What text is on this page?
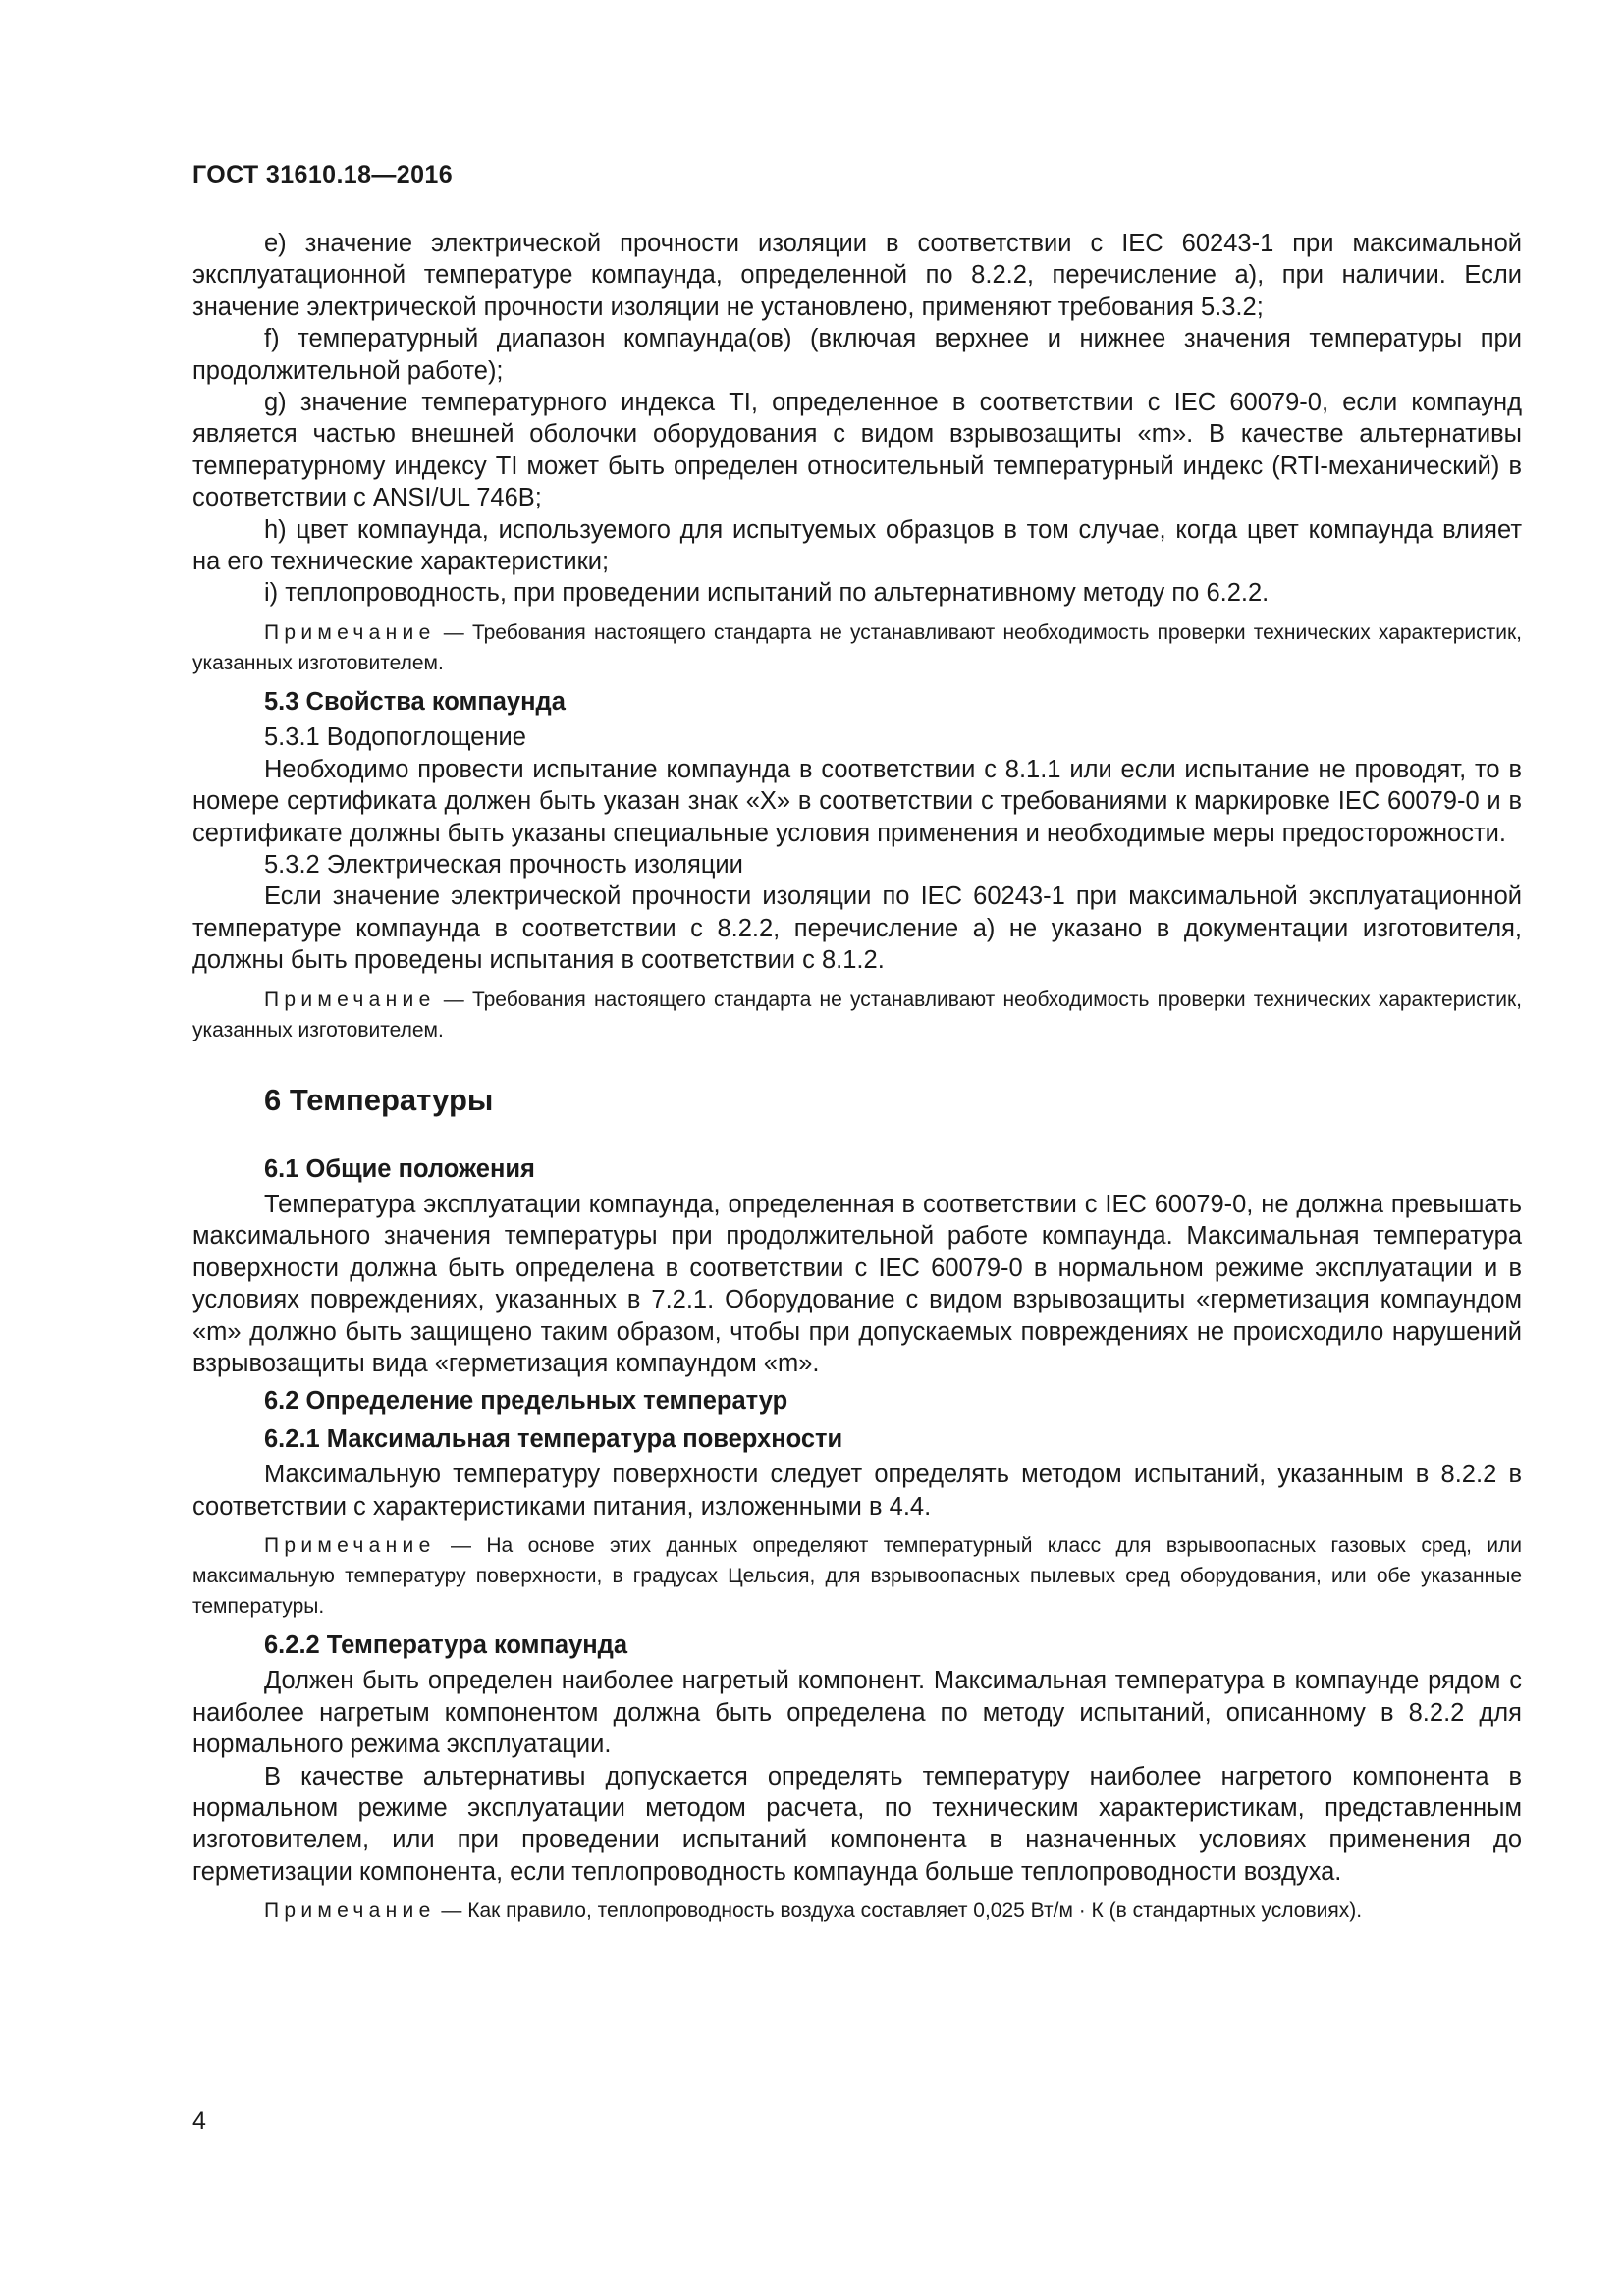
ГОСТ 31610.18—2016

e) значение электрической прочности изоляции в соответствии с IEC 60243-1 при максимальной эксплуатационной температуре компаунда, определенной по 8.2.2, перечисление а), при наличии. Если значение электрической прочности изоляции не установлено, применяют требования 5.3.2;

f) температурный диапазон компаунда(ов) (включая верхнее и нижнее значения температуры при продолжительной работе);

g) значение температурного индекса TI, определенное в соответствии с IEC 60079-0, если компаунд является частью внешней оболочки оборудования с видом взрывозащиты «m». В качестве альтернативы температурному индексу TI может быть определен относительный температурный индекс (RTI-механический) в соответствии с ANSI/UL 746B;

h) цвет компаунда, используемого для испытуемых образцов в том случае, когда цвет компаунда влияет на его технические характеристики;

i) теплопроводность, при проведении испытаний по альтернативному методу по 6.2.2.

Примечание — Требования настоящего стандарта не устанавливают необходимость проверки технических характеристик, указанных изготовителем.

5.3 Свойства компаунда

5.3.1 Водопоглощение

Необходимо провести испытание компаунда в соответствии с 8.1.1 или если испытание не проводят, то в номере сертификата должен быть указан знак «X» в соответствии с требованиями к маркировке IEC 60079-0 и в сертификате должны быть указаны специальные условия применения и необходимые меры предосторожности.

5.3.2 Электрическая прочность изоляции

Если значение электрической прочности изоляции по IEC 60243-1 при максимальной эксплуатационной температуре компаунда в соответствии с 8.2.2, перечисление а) не указано в документации изготовителя, должны быть проведены испытания в соответствии с 8.1.2.

Примечание — Требования настоящего стандарта не устанавливают необходимость проверки технических характеристик, указанных изготовителем.

6 Температуры

6.1 Общие положения

Температура эксплуатации компаунда, определенная в соответствии с IEC 60079-0, не должна превышать максимального значения температуры при продолжительной работе компаунда. Максимальная температура поверхности должна быть определена в соответствии с IEC 60079-0 в нормальном режиме эксплуатации и в условиях повреждениях, указанных в 7.2.1. Оборудование с видом взрывозащиты «герметизация компаундом «m» должно быть защищено таким образом, чтобы при допускаемых повреждениях не происходило нарушений взрывозащиты вида «герметизация компаундом «m».

6.2 Определение предельных температур

6.2.1 Максимальная температура поверхности

Максимальную температуру поверхности следует определять методом испытаний, указанным в 8.2.2 в соответствии с характеристиками питания, изложенными в 4.4.

Примечание — На основе этих данных определяют температурный класс для взрывоопасных газовых сред, или максимальную температуру поверхности, в градусах Цельсия, для взрывоопасных пылевых сред оборудования, или обе указанные температуры.

6.2.2 Температура компаунда

Должен быть определен наиболее нагретый компонент. Максимальная температура в компаунде рядом с наиболее нагретым компонентом должна быть определена по методу испытаний, описанному в 8.2.2 для нормального режима эксплуатации.

В качестве альтернативы допускается определять температуру наиболее нагретого компонента в нормальном режиме эксплуатации методом расчета, по техническим характеристикам, представленным изготовителем, или при проведении испытаний компонента в назначенных условиях применения до герметизации компонента, если теплопроводность компаунда больше теплопроводности воздуха.

Примечание — Как правило, теплопроводность воздуха составляет 0,025 Вт/м · К (в стандартных условиях).

4
